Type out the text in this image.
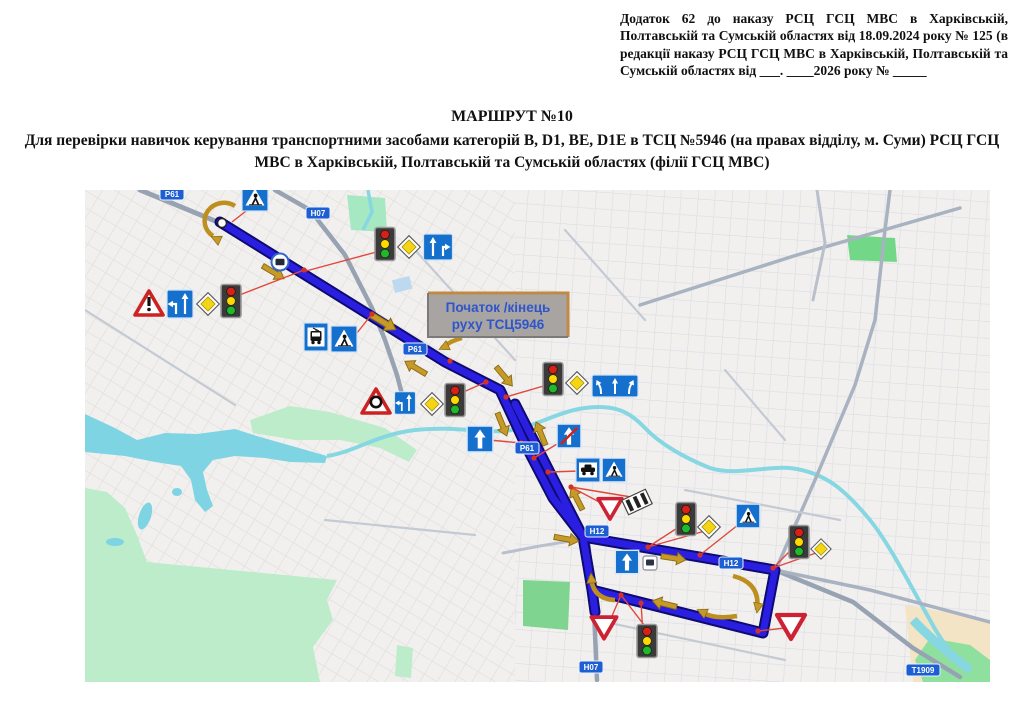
Додаток 62 до наказу РСЦ ГСЦ МВС в Харківській, Полтавській та Сумській областях від 18.09.2024 року № 125 (в редакції наказу РСЦ ГСЦ МВС в Харківській, Полтавській та Сумській областях від ___. ____2026 року № _____
МАРШРУТ №10
Для перевірки навичок керування транспортними засобами категорій В, D1, ВЕ, D1Е в ТСЦ №5946 (на правах відділу, м. Суми) РСЦ ГСЦ МВС в Харківській, Полтавській та Сумській областях (філії ГСЦ МВС)
Р61
Н07
Р61
Р61
Н12
Н12
Н07	Т1909
Початок /кінець
руху ТСЦ5946
